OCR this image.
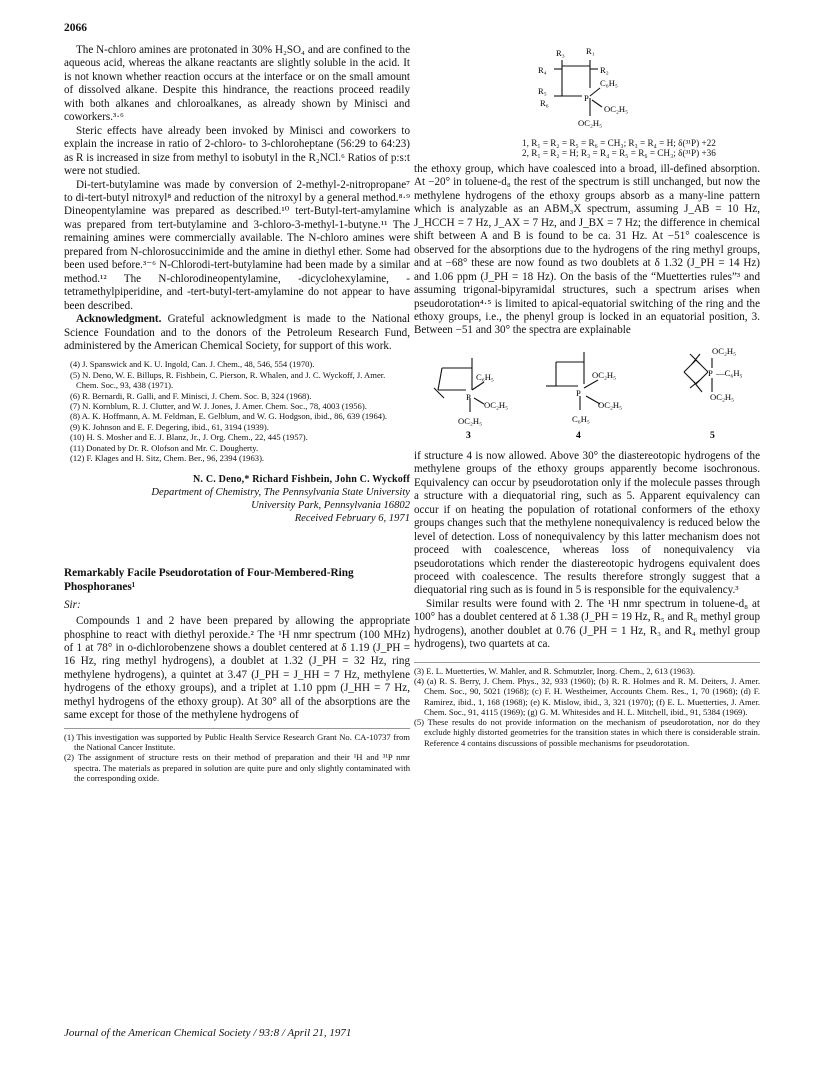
2066

The N-chloro amines are protonated in 30% H₂SO₄ and are confined to the aqueous acid, whereas the alkane reactants are slightly soluble in the acid. It is not known whether reaction occurs at the interface or on the small amount of dissolved alkane. Despite this hindrance, the reactions proceed readily with both alkanes and chloroalkanes, as already shown by Minisci and coworkers.³·⁶

Steric effects have already been invoked by Minisci and coworkers to explain the increase in ratio of 2-chloro- to 3-chloroheptane (56:29 to 64:23) as R is increased in size from methyl to isobutyl in the R₂NCl.⁶ Ratios of p:s:t were not studied.

Di-tert-butylamine was made by conversion of 2-methyl-2-nitropropane⁷ to di-tert-butyl nitroxyl⁸ and reduction of the nitroxyl by a general method.⁸·⁹ Dineopentylamine was prepared as described.¹⁰ tert-Butyl-tert-amylamine was prepared from tert-butylamine and 3-chloro-3-methyl-1-butyne.¹¹ The remaining amines were commercially available. The N-chloro amines were prepared from N-chlorosuccinimide and the amine in diethyl ether. Some had been used before.³⁻⁶ N-Chlorodi-tert-butylamine had been made by a similar method.¹² The N-chlorodineopentylamine, -dicyclohexylamine, -tetramethylpiperidine, and -tert-butyl-tert-amylamine do not appear to have been described.

Acknowledgment. Grateful acknowledgment is made to the National Science Foundation and to the donors of the Petroleum Research Fund, administered by the American Chemical Society, for support of this work.

(4) J. Spanswick and K. U. Ingold, Can. J. Chem., 48, 546, 554 (1970).
(5) N. Deno, W. E. Billups, R. Fishbein, C. Pierson, R. Whalen, and J. C. Wyckoff, J. Amer. Chem. Soc., 93, 438 (1971).
(6) R. Bernardi, R. Galli, and F. Minisci, J. Chem. Soc. B, 324 (1968).
(7) N. Kornblum, R. J. Clutter, and W. J. Jones, J. Amer. Chem. Soc., 78, 4003 (1956).
(8) A. K. Hoffmann, A. M. Feldman, E. Gelblum, and W. G. Hodgson, ibid., 86, 639 (1964).
(9) K. Johnson and E. F. Degering, ibid., 61, 3194 (1939).
(10) H. S. Mosher and E. J. Blanz, Jr., J. Org. Chem., 22, 445 (1957).
(11) Donated by Dr. R. Olofson and Mr. C. Dougherty.
(12) F. Klages and H. Sitz, Chem. Ber., 96, 2394 (1963).
N. C. Deno,* Richard Fishbein, John C. Wyckoff
Department of Chemistry, The Pennsylvania State University
University Park, Pennsylvania 16802
Received February 6, 1971
Remarkably Facile Pseudorotation of Four-Membered-Ring Phosphoranes¹
Sir:

Compounds 1 and 2 have been prepared by allowing the appropriate phosphine to react with diethyl peroxide.² The ¹H nmr spectrum (100 MHz) of 1 at 78° in o-dichlorobenzene shows a doublet centered at δ 1.19 (J_PH = 16 Hz, ring methyl hydrogens), a doublet at 1.32 (J_PH = 32 Hz, ring methylene hydrogens), a quintet at 3.47 (J_PH = J_HH = 7 Hz, methylene hydrogens of the ethoxy groups), and a triplet at 1.10 ppm (J_HH = 7 Hz, methyl hydrogens of the ethoxy group). At 30° all of the absorptions are the same except for those of the methylene hydrogens of

(1) This investigation was supported by Public Health Service Research Grant No. CA-10737 from the National Cancer Institute.
(2) The assignment of structure rests on their method of preparation and their ¹H and ³¹P nmr spectra. The materials as prepared in solution are quite pure and only slightly contaminated with the corresponding oxide.
R₃ R₁
R₄	R₂
C₆H₅
R₅
P
R₆
OC₂H₅
OC₂H₅
1, R₁ = R₂ = R₅ = R₆ = CH₃; R₃ = R₄ = H; δ(³¹P) +22
2, R₁ = R₂ = H; R₃ = R₄ = R₅ = R₆ = CH₃; δ(³¹P) +36

the ethoxy group, which have coalesced into a broad, ill-defined absorption. At −20° in toluene-d₈ the rest of the spectrum is still unchanged, but now the methylene hydrogens of the ethoxy groups absorb as a many-line pattern which is analyzable as an ABM₃X spectrum, assuming J_AB = 10 Hz, J_HCCH = 7 Hz, J_AX = 7 Hz, and J_BX = 7 Hz; the difference in chemical shift between A and B is found to be ca. 31 Hz. At −51° coalescence is observed for the absorptions due to the hydrogens of the ring methyl groups, and at −68° these are now found as two doublets at δ 1.32 (J_PH = 14 Hz) and 1.06 ppm (J_PH = 18 Hz). On the basis of the “Muetterties rules”³ and assuming trigonal-bipyramidal structures, such a spectrum arises when pseudorotation⁴·⁵ is limited to apical-equatorial switching of the ring and the ethoxy groups, i.e., the phenyl group is locked in an equatorial position, 3. Between −51 and 30° the spectra are explainable

C₆H₅
P
OC₂H₅
OC₂H₅
3
OC₂H₅
P
OC₂H₅
C₆H₅
4
OC₂H₅
P —C₆H₅
OC₂H₅
5

if structure 4 is now allowed. Above 30° the diastereotopic hydrogens of the methylene groups of the ethoxy groups apparently become isochronous. Equivalency can occur by pseudorotation only if the molecule passes through a structure with a diequatorial ring, such as 5. Apparent equivalency can occur if on heating the population of rotational conformers of the ethoxy groups changes such that the methylene nonequivalency is reduced below the level of detection. Loss of nonequivalency by this latter mechanism does not proceed with coalescence, whereas loss of nonequivalency via pseudorotations which render the diastereotopic hydrogens equivalent does proceed with coalescence. The results therefore strongly suggest that a diequatorial ring such as is found in 5 is responsible for the equivalency.³

Similar results were found with 2. The ¹H nmr spectrum in toluene-d₈ at 100° has a doublet centered at δ 1.38 (J_PH = 19 Hz, R₅ and R₆ methyl group hydrogens), another doublet at 0.76 (J_PH = 1 Hz, R₃ and R₄ methyl group hydrogens), two quartets at ca.

(3) E. L. Muetterties, W. Mahler, and R. Schmutzler, Inorg. Chem., 2, 613 (1963).
(4) (a) R. S. Berry, J. Chem. Phys., 32, 933 (1960); (b) R. R. Holmes and R. M. Deiters, J. Amer. Chem. Soc., 90, 5021 (1968); (c) F. H. Westheimer, Accounts Chem. Res., 1, 70 (1968); (d) F. Ramirez, ibid., 1, 168 (1968); (e) K. Mislow, ibid., 3, 321 (1970); (f) E. L. Muetterties, J. Amer. Chem. Soc., 91, 4115 (1969); (g) G. M. Whitesides and H. L. Mitchell, ibid., 91, 5384 (1969).
(5) These results do not provide information on the mechanism of pseudorotation, nor do they exclude highly distorted geometries for the transition states in which there is considerable strain. Reference 4 contains discussions of possible mechanisms for pseudorotation.
Journal of the American Chemical Society / 93:8 / April 21, 1971
